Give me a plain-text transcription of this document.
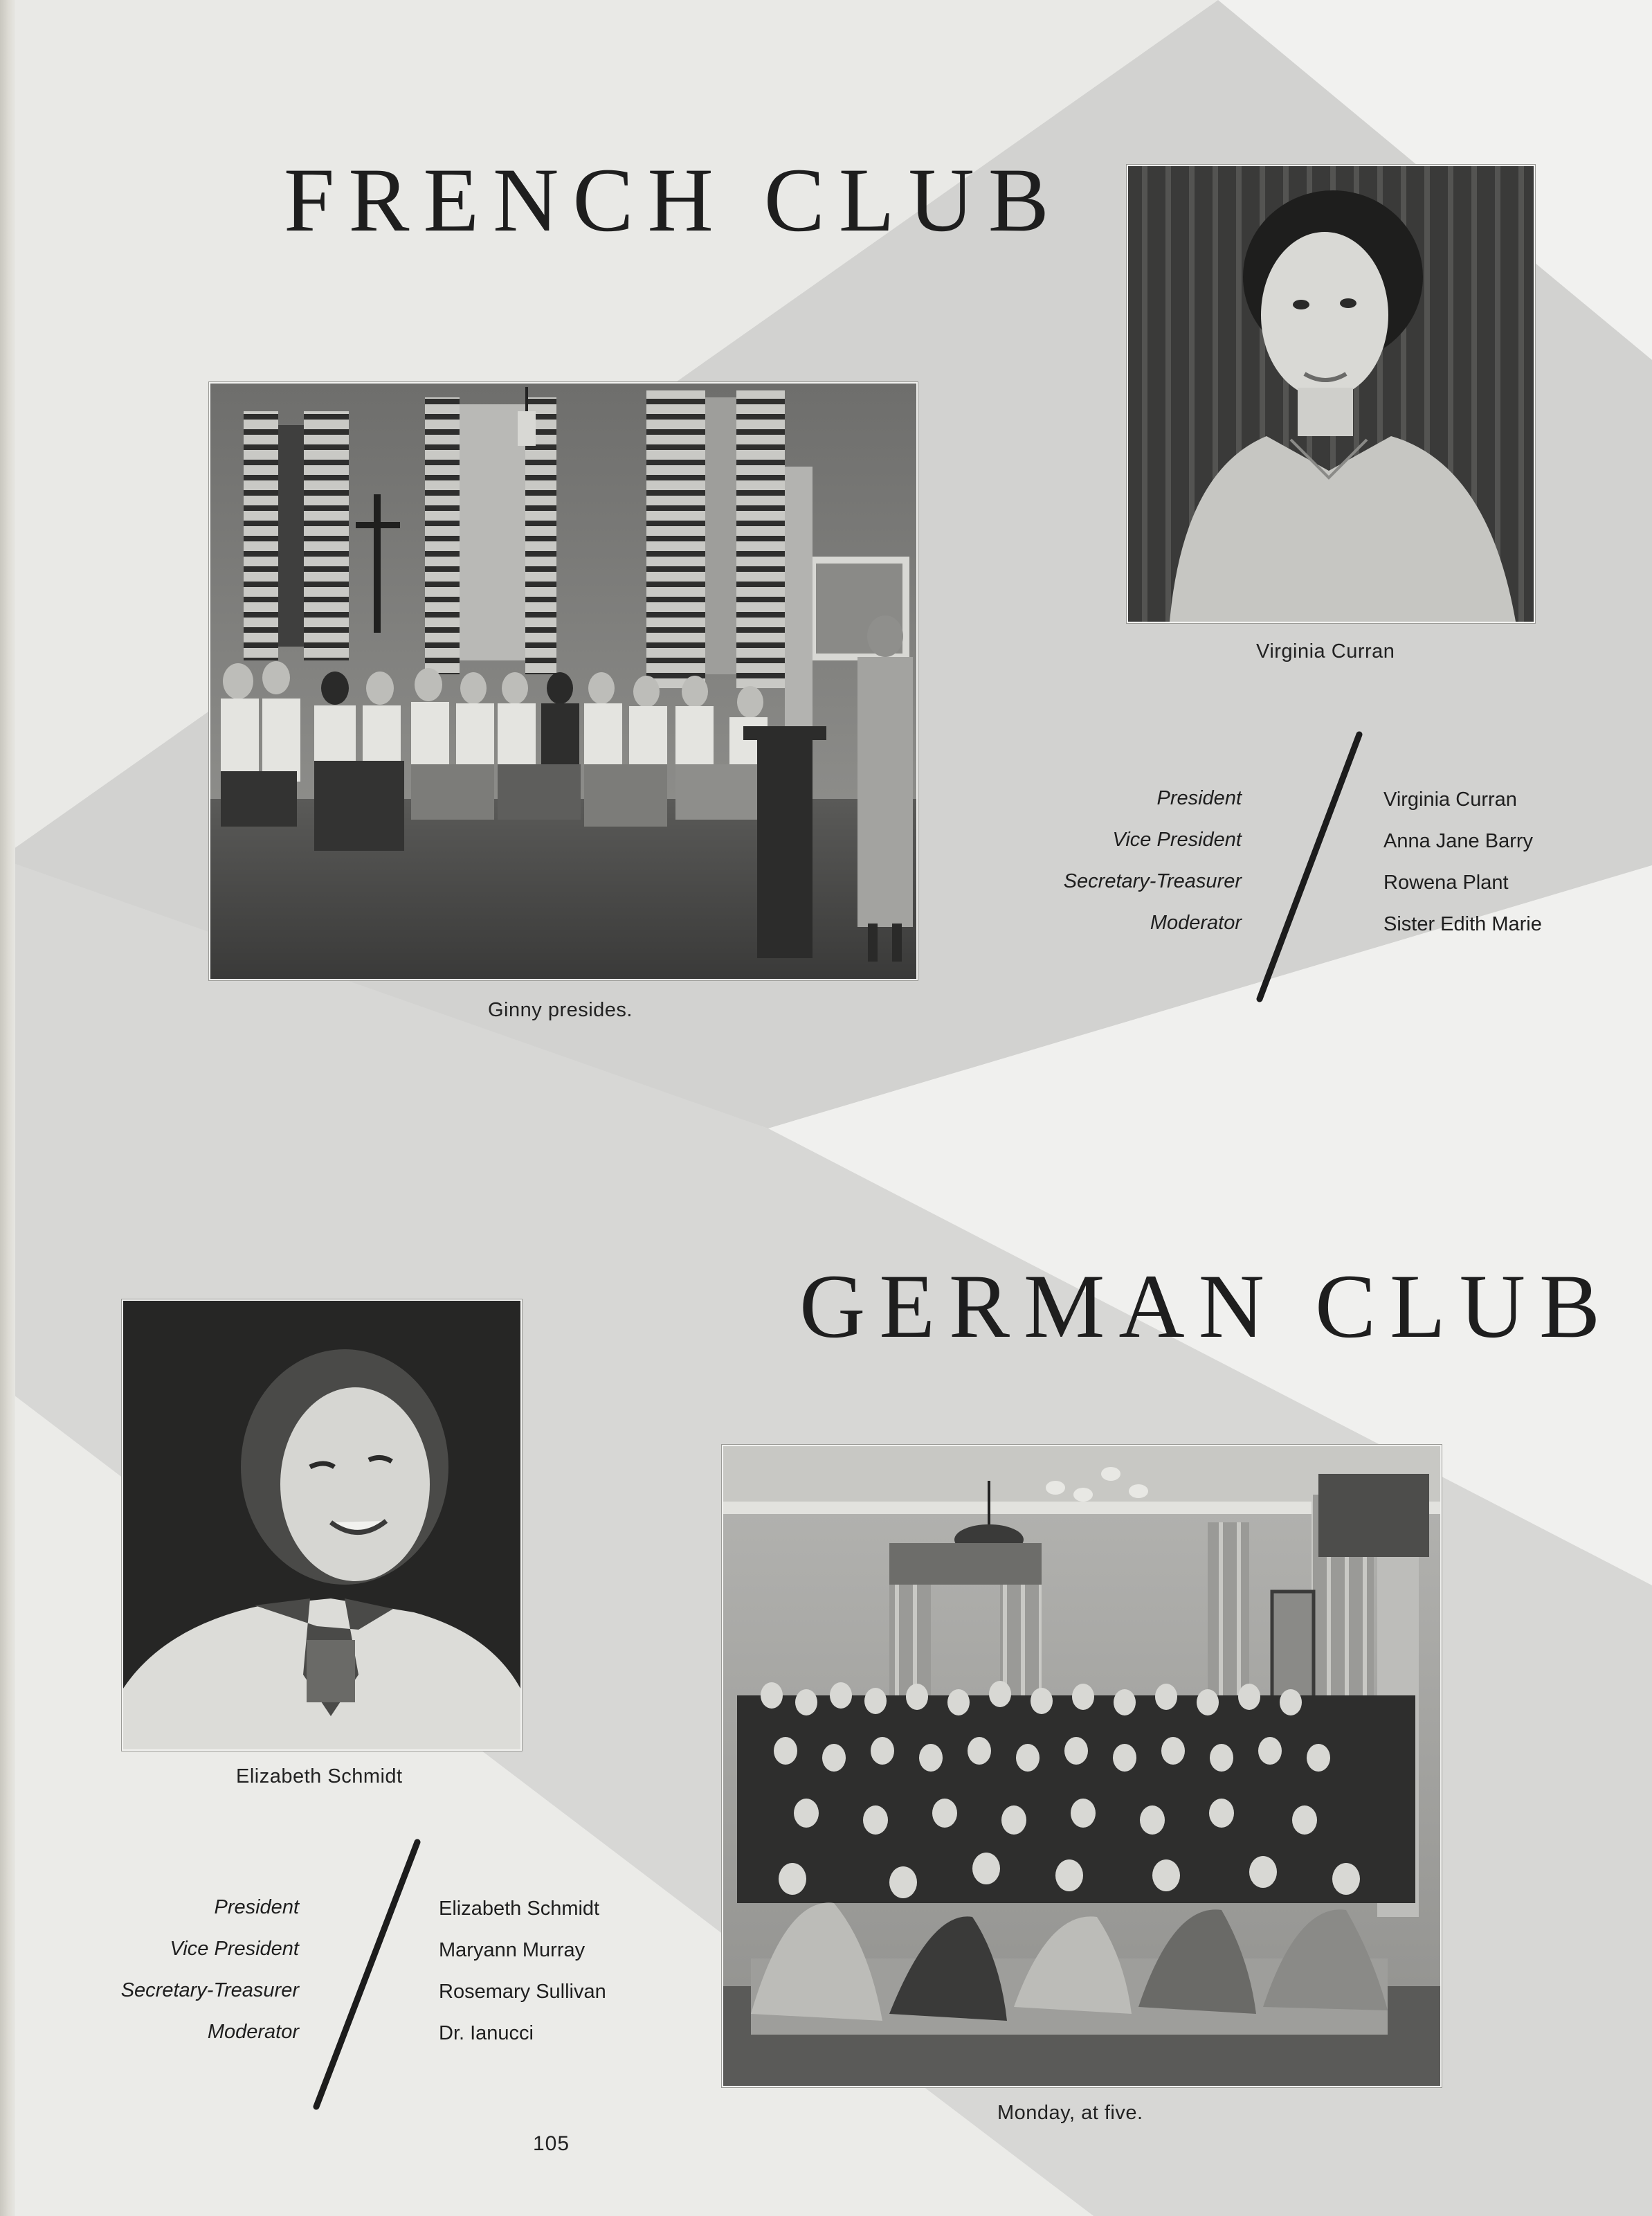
FRENCH CLUB
Ginny presides.
Virginia Curran
President
Vice President
Secretary-Treasurer
Moderator
Virginia Curran
Anna Jane Barry
Rowena Plant
Sister Edith Marie
GERMAN CLUB
Elizabeth Schmidt
Monday, at five.
President
Vice President
Secretary-Treasurer
Moderator
Elizabeth Schmidt
Maryann Murray
Rosemary Sullivan
Dr. Ianucci
105
